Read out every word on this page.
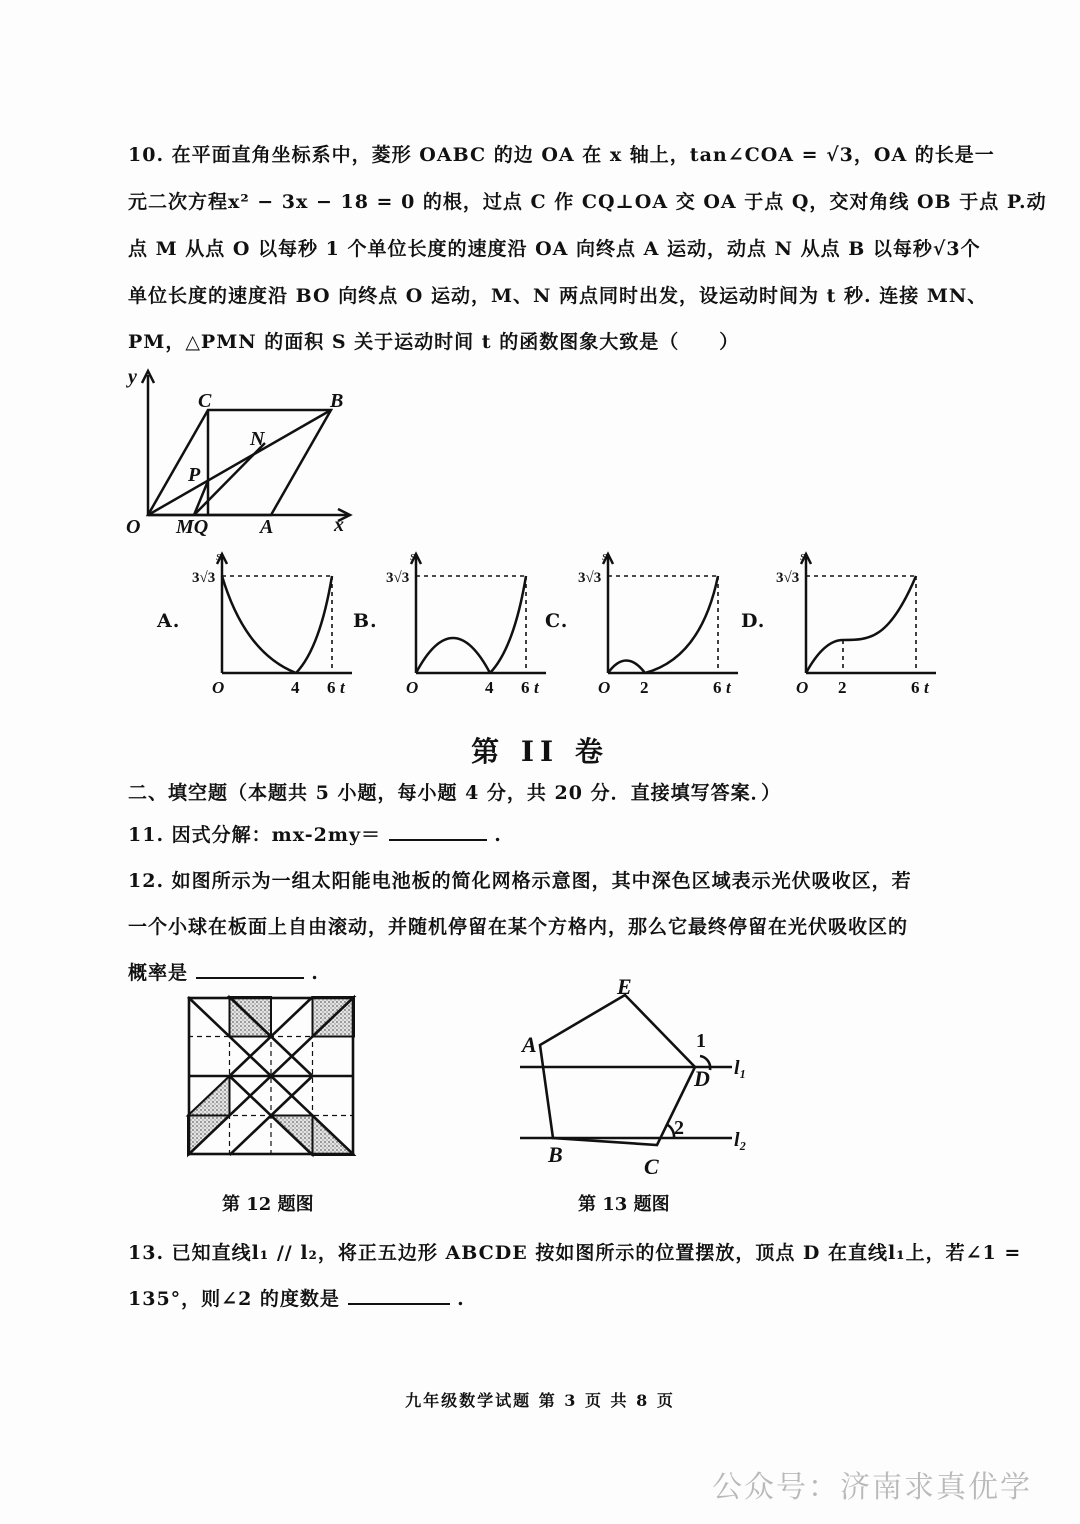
10. 在平面直角坐标系中，菱形 OABC 的边 OA 在 x 轴上，tan∠COA = √3，OA 的长是一
元二次方程x² − 3x − 18 = 0 的根，过点 C 作 CQ⊥OA 交 OA 于点 Q，交对角线 OB 于点 P.动
点 M 从点 O 以每秒 1 个单位长度的速度沿 OA 向终点 A 运动，动点 N 从点 B 以每秒√3个
单位长度的速度沿 BO 向终点 O 运动，M、N 两点同时出发，设运动时间为 t 秒. 连接 MN、
PM，△PMN 的面积 S 关于运动时间 t 的函数图象大致是（　　）
y
x
O	A
B
C
N
P
MQ
A.
s
3√3
O	4 6 t
B.
s
3√3
O	4 6 t
C.
s
3√3
O 2	6 t
D.
s
3√3
O 2	6 t
第 II 卷
二、填空题（本题共 5 小题，每小题 4 分，共 20 分．直接填写答案．）
11. 因式分解：mx-2my＝	.
12. 如图所示为一组太阳能电池板的简化网格示意图，其中深色区域表示光伏吸收区，若
一个小球在板面上自由滚动，并随机停留在某个方格内，那么它最终停留在光伏吸收区的
概率是	.
第 12 题图
E
A
D
1
2
B	C
l₁
l₂
第 13 题图
13. 已知直线l₁ // l₂，将正五边形 ABCDE 按如图所示的位置摆放，顶点 D 在直线l₁上，若∠1 =
135°，则∠2 的度数是	.
九年级数学试题 第 3 页 共 8 页
公众号：济南求真优学
